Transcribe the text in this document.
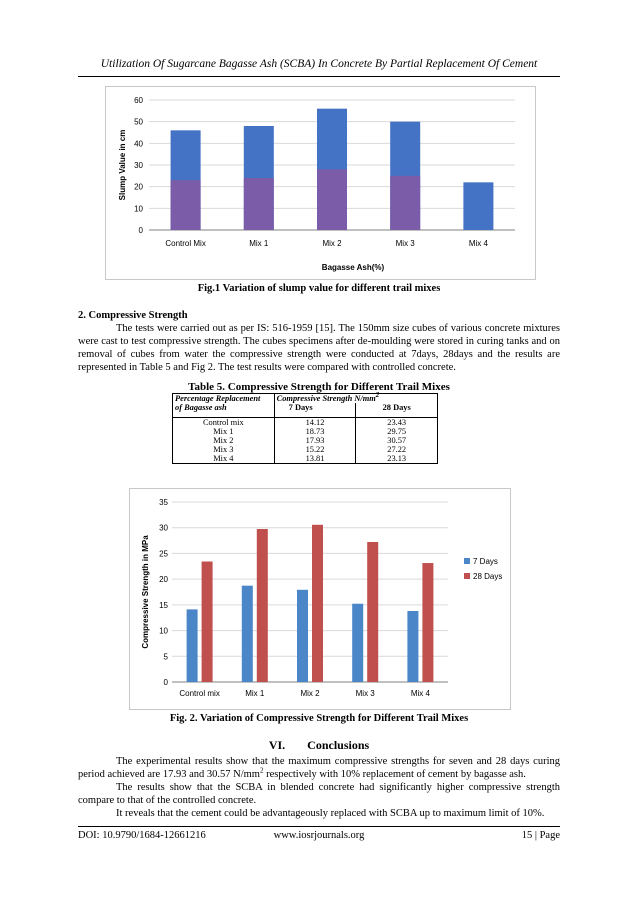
Utilization Of Sugarcane Bagasse Ash (SCBA) In Concrete By Partial Replacement Of Cement
0
10
20
30
40
50
60
Control Mix	Mix 1	Mix 2	Mix 3	Mix 4
Bagasse Ash(%)
Slump Value in cm
Fig.1 Variation of slump value for different trail mixes
2. Compressive Strength

The tests were carried out as per IS: 516-1959 [15]. The 150mm size cubes of various concrete mixtures were cast to test compressive strength. The cubes specimens after de-moulding were stored in curing tanks and on removal of cubes from water the compressive strength were conducted at 7days, 28days and the results are represented in Table 5 and Fig 2. The test results were compared with controlled concrete.

Table 5. Compressive Strength for Different Trail Mixes
Percentage Replacement
of Bagasse ash	Compressive Strength $N/mm^2$
	7 Days	28 Days
Control mix	14.12	23.43
Mix 1	18.73	29.75
Mix 2	17.93	30.57
Mix 3	15.22	27.22
Mix 4	13.81	23.13
0
5
10
15
20
25
30
35
Control mix	Mix 1	Mix 2	Mix 3	Mix 4
Compressive Strength in MPa	7 Days
28 Days
Fig. 2. Variation of Compressive Strength for Different Trail Mixes
VI. Conclusions

The experimental results show that the maximum compressive strengths for seven and 28 days curing period achieved are 17.93 and 30.57 $N/mm^2$ respectively with 10% replacement of cement by bagasse ash.

The results show that the SCBA in blended concrete had significantly higher compressive strength compare to that of the controlled concrete.

It reveals that the cement could be advantageously replaced with SCBA up to maximum limit of 10%.

DOI: 10.9790/1684-12661216	www.iosrjournals.org	15 | Page
